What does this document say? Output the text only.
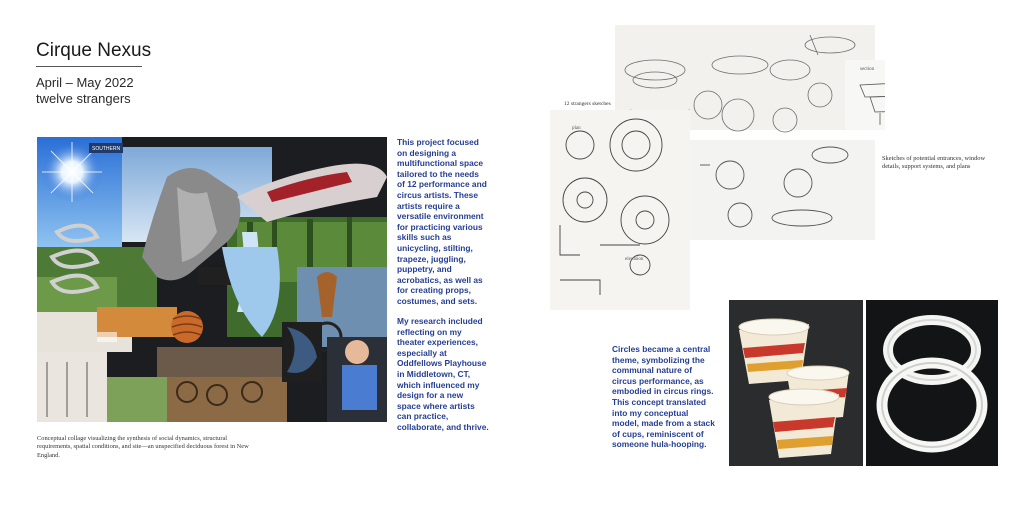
Cirque Nexus
April – May 2022
twelve strangers
SOUTHERN
Conceptual collage visualizing the synthesis of social dynamics, structural requirements, spatial conditions, and site—an unspecified deciduous forest in New England.
This project focused on designing a multifunctional space tailored to the needs of 12 performance and circus artists. These artists require a versatile environment for practicing various skills such as unicycling, stilting, trapeze, juggling, puppetry, and acrobatics, as well as for creating props, costumes, and sets.
My research included reflecting on my theater experiences, especially at Oddfellows Playhouse in Middletown, CT, which influenced my design for a new space where artists can practice, collaborate, and thrive.
section
12 strangers sketches
plan
elevation
Sketches of potential entrances, window details, support systems, and plans
Circles became a central theme, symbolizing the communal nature of circus performance, as embodied in circus rings. This concept translated into my conceptual model, made from a stack of cups, reminiscent of someone hula-hooping.
